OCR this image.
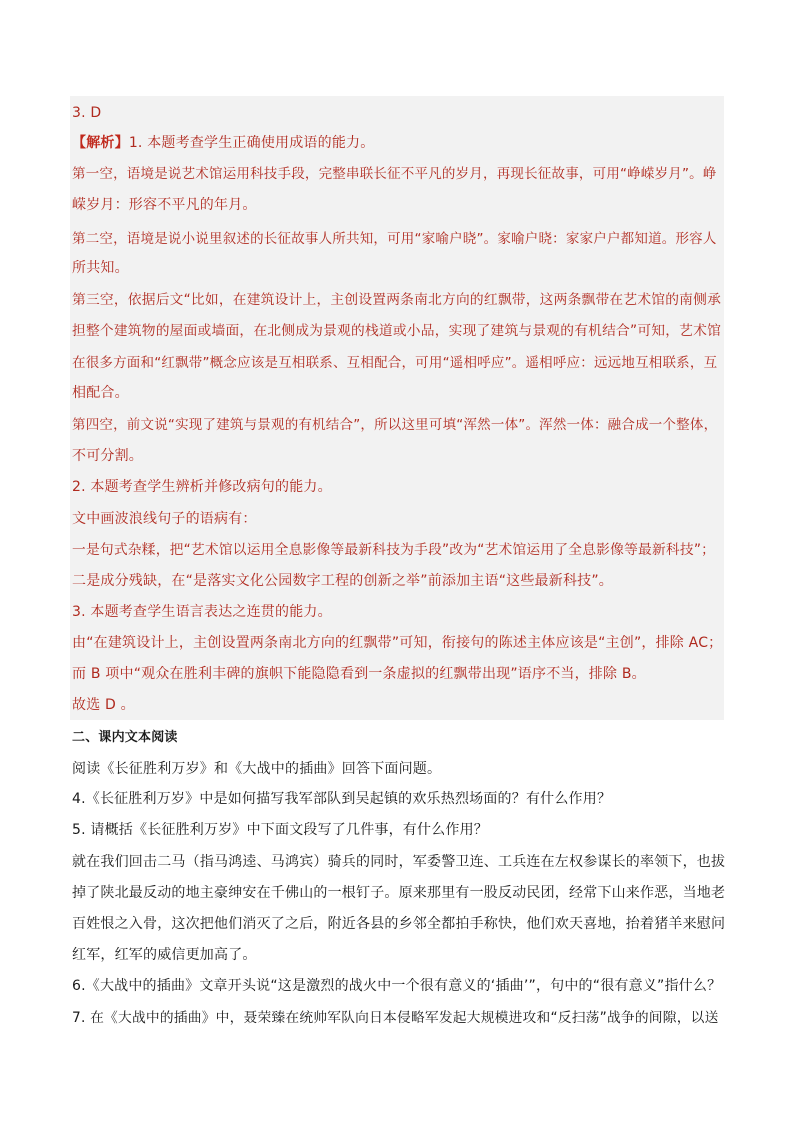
3. D
【解析】1. 本题考查学生正确使用成语的能力。
第一空，语境是说艺术馆运用科技手段，完整串联长征不平凡的岁月，再现长征故事，可用“峥嵘岁月”。峥
嵘岁月：形容不平凡的年月。
第二空，语境是说小说里叙述的长征故事人所共知，可用“家喻户晓”。家喻户晓：家家户户都知道。形容人
所共知。
第三空，依据后文“比如，在建筑设计上，主创设置两条南北方向的红飘带，这两条飘带在艺术馆的南侧承
担整个建筑物的屋面或墙面，在北侧成为景观的栈道或小品，实现了建筑与景观的有机结合”可知，艺术馆
在很多方面和“红飘带”概念应该是互相联系、互相配合，可用“遥相呼应”。遥相呼应：远远地互相联系，互
相配合。
第四空，前文说“实现了建筑与景观的有机结合”，所以这里可填“浑然一体”。浑然一体：融合成一个整体，
不可分割。
2. 本题考查学生辨析并修改病句的能力。
文中画波浪线句子的语病有：
一是句式杂糅，把“艺术馆以运用全息影像等最新科技为手段”改为“艺术馆运用了全息影像等最新科技”；
二是成分残缺，在“是落实文化公园数字工程的创新之举”前添加主语“这些最新科技”。
3. 本题考查学生语言表达之连贯的能力。
由“在建筑设计上，主创设置两条南北方向的红飘带”可知，衔接句的陈述主体应该是“主创”，排除 AC；
而 B 项中“观众在胜利丰碑的旗帜下能隐隐看到一条虚拟的红飘带出现”语序不当，排除 B。
故选 D 。
二、课内文本阅读
阅读《长征胜利万岁》和《大战中的插曲》回答下面问题。
4.《长征胜利万岁》中是如何描写我军部队到吴起镇的欢乐热烈场面的？有什么作用？
5. 请概括《长征胜利万岁》中下面文段写了几件事，有什么作用？
就在我们回击二马（指马鸿逵、马鸿宾）骑兵的同时，军委警卫连、工兵连在左权参谋长的率领下，也拔
掉了陕北最反动的地主豪绅安在千佛山的一根钉子。原来那里有一股反动民团，经常下山来作恶，当地老
百姓恨之入骨，这次把他们消灭了之后，附近各县的乡邻全都拍手称快，他们欢天喜地，抬着猪羊来慰问
红军，红军的威信更加高了。
6.《大战中的插曲》文章开头说“这是激烈的战火中一个很有意义的‘插曲’”，句中的“很有意义”指什么？
7. 在《大战中的插曲》中，聂荣臻在统帅军队向日本侵略军发起大规模进攻和“反扫荡”战争的间隙，以送
